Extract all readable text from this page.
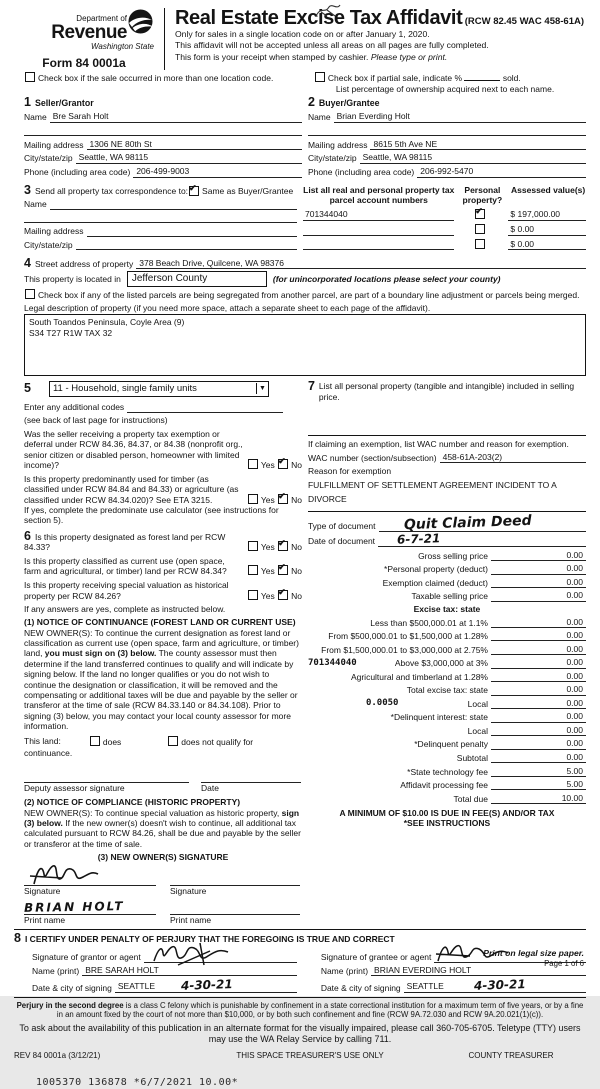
Department of
Revenue
Washington State
Form 84 0001a
Real Estate Excise Tax Affidavit (RCW 82.45 WAC 458-61A)
Only for sales in a single location code on or after January 1, 2020.
This affidavit will not be accepted unless all areas on all pages are fully completed.
This form is your receipt when stamped by cashier. Please type or print.
Check box if the sale occurred in more than one location code.	Check box if partial sale, indicate %	sold.
List percentage of ownership acquired next to each name.
1 Seller/Grantor
Name Bre Sarah Holt
Mailing address 1306 NE 80th St
City/state/zip Seattle, WA 98115
Phone (including area code) 206-499-9003
2 Buyer/Grantee
Name Brian Everding Holt
Mailing address 8615 5th Ave NE
City/state/zip Seattle, WA 98115
Phone (including area code) 206-992-5470
3 Send all property tax correspondence to:
✔ Same as Buyer/Grantee
Name
Mailing address
City/state/zip
List all real and personal property tax parcel account numbers
Personal property?
Assessed value(s)
701344040 ✔	$ 197,000.00
$ 0.00
$ 0.00
4 Street address of property 378 Beach Drive, Quilcene, WA 98376
This property is located in	Jefferson County	(for unincorporated locations please select your county)
Check box if any of the listed parcels are being segregated from another parcel, are part of a boundary line adjustment or parcels being merged.
Legal description of property (if you need more space, attach a separate sheet to each page of the affidavit).
South Toandos Peninsula, Coyle Area (9)
S34 T27 R1W TAX 32
5	11 - Household, single family units	▼
Enter any additional codes
(see back of last page for instructions)
Was the seller receiving a property tax exemption or deferral under RCW 84.36, 84.37, or 84.38 (nonprofit org., senior citizen or disabled person, homeowner with limited income)?	Yes ✔ No
Is this property predominantly used for timber (as classified under RCW 84.84 and 84.33) or agriculture (as classified under RCW 84.34.020)? See ETA 3215.	Yes ✔ No
If yes, complete the predominate use calculator (see instructions for section 5).
6 Is this property designated as forest land per RCW 84.33?	Yes ✔ No
Is this property classified as current use (open space, farm and agricultural, or timber) land per RCW 84.34?	Yes ✔ No
Is this property receiving special valuation as historical property per RCW 84.26?	Yes ✔ No
If any answers are yes, complete as instructed below.
(1) NOTICE OF CONTINUANCE (FOREST LAND OR CURRENT USE)
NEW OWNER(S): To continue the current designation as forest land or classification as current use (open space, farm and agriculture, or timber) land, you must sign on (3) below. The county assessor must then determine if the land transferred continues to qualify and will indicate by signing below. If the land no longer qualifies or you do not wish to continue the designation or classification, it will be removed and the compensating or additional taxes will be due and payable by the seller or transferor at the time of sale (RCW 84.33.140 or 84.34.108). Prior to signing (3) below, you may contact your local county assessor for more information.
This land:	does	does not qualify for
continuance.
Deputy assessor signature	Date
(2) NOTICE OF COMPLIANCE (HISTORIC PROPERTY)
NEW OWNER(S): To continue special valuation as historic property, sign (3) below. If the new owner(s) doesn't wish to continue, all additional tax calculated pursuant to RCW 84.26, shall be due and payable by the seller or transferor at the time of sale.
(3) NEW OWNER(S) SIGNATURE
Signature
BRIAN HOLT
Print name
Signature
Print name
7 List all personal property (tangible and intangible) included in selling price.
If claiming an exemption, list WAC number and reason for exemption.
WAC number (section/subsection) 458-61A-203(2)
Reason for exemption
FULFILLMENT OF SETTLEMENT AGREEMENT INCIDENT TO A DIVORCE
Type of document	Quit Claim Deed
Date of document	6-7-21
Gross selling price	0.00
*Personal property (deduct)	0.00
Exemption claimed (deduct)	0.00
Taxable selling price	0.00
Excise tax: state
Less than $500,000.01 at 1.1%	0.00
From $500,000.01 to $1,500,000 at 1.28%	0.00
From $1,500,000.01 to $3,000,000 at 2.75%	0.00
701344040	Above $3,000,000 at 3%	0.00
Agricultural and timberland at 1.28%	0.00
Total excise tax: state	0.00
0.0050	Local	0.00
*Delinquent interest: state	0.00
Local	0.00
*Delinquent penalty	0.00
Subtotal	0.00
*State technology fee	5.00
Affidavit processing fee	5.00
Total due	10.00
A MINIMUM OF $10.00 IS DUE IN FEE(S) AND/OR TAX
*SEE INSTRUCTIONS
8 I CERTIFY UNDER PENALTY OF PERJURY THAT THE FOREGOING IS TRUE AND CORRECT
Signature of grantor or agent
Name (print) BRE SARAH HOLT
Date & city of signing SEATTLE 4-30-21
Signature of grantee or agent
Name (print) BRIAN EVERDING HOLT
Date & city of signing SEATTLE 4-30-21
Perjury in the second degree is a class C felony which is punishable by confinement in a state correctional institution for a maximum term of five years, or by a fine in an amount fixed by the court of not more than $10,000, or by both such confinement and fine (RCW 9A.72.030 and RCW 9A.20.021(1)(c)).
To ask about the availability of this publication in an alternate format for the visually impaired, please call 360-705-6705. Teletype (TTY) users may use the WA Relay Service by calling 711.
REV 84 0001a (3/12/21)	THIS SPACE TREASURER'S USE ONLY	COUNTY TREASURER
1005370 136878 *6/7/2021 10.00*
Print on legal size paper.
Page 1 of 6
